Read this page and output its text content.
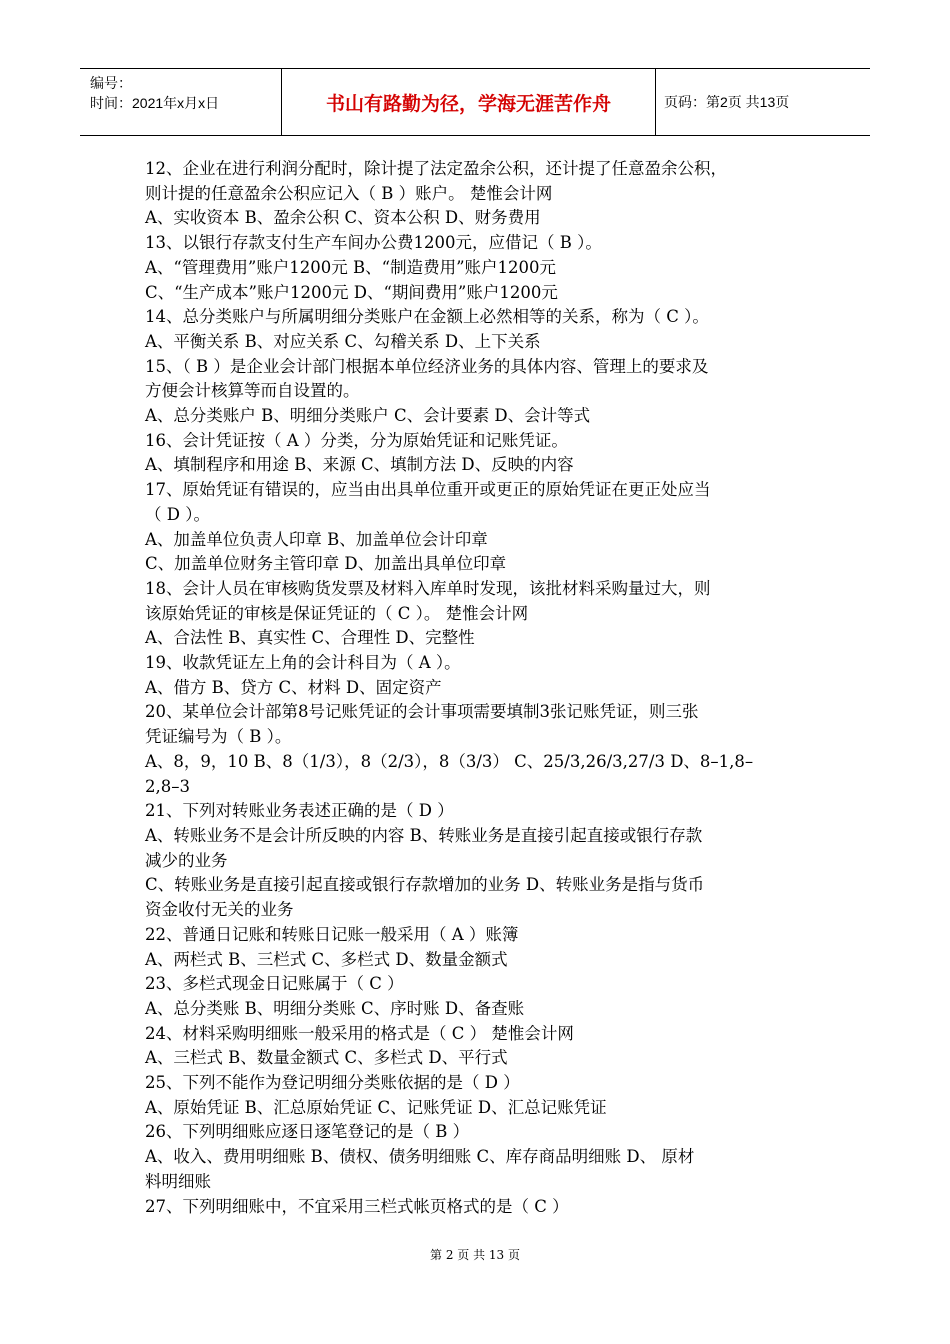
编号：
时间：2021年x月x日	书山有路勤为径，学海无涯苦作舟	页码：第2页 共13页
12、企业在进行利润分配时，除计提了法定盈余公积，还计提了任意盈余公积，
则计提的任意盈余公积应记入（ B ）账户。 楚惟会计网
A、实收资本 B、盈余公积 C、资本公积 D、财务费用
13、以银行存款支付生产车间办公费1200元，应借记（ B ）。
A、“管理费用”账户1200元 B、“制造费用”账户1200元
C、“生产成本”账户1200元 D、“期间费用”账户1200元
14、总分类账户与所属明细分类账户在金额上必然相等的关系，称为（ C ）。
A、平衡关系 B、对应关系 C、勾稽关系 D、上下关系
15、（ B ）是企业会计部门根据本单位经济业务的具体内容、管理上的要求及
方便会计核算等而自设置的。
A、总分类账户 B、明细分类账户 C、会计要素 D、会计等式
16、会计凭证按（ A ）分类，分为原始凭证和记账凭证。
A、填制程序和用途 B、来源 C、填制方法 D、反映的内容
17、原始凭证有错误的，应当由出具单位重开或更正的原始凭证在更正处应当
（ D ）。
A、加盖单位负责人印章 B、加盖单位会计印章
C、加盖单位财务主管印章 D、加盖出具单位印章
18、会计人员在审核购货发票及材料入库单时发现，该批材料采购量过大，则
该原始凭证的审核是保证凭证的（ C ）。 楚惟会计网
A、合法性 B、真实性 C、合理性 D、完整性
19、收款凭证左上角的会计科目为（ A ）。
A、借方 B、贷方 C、材料 D、固定资产
20、某单位会计部第8号记账凭证的会计事项需要填制3张记账凭证，则三张
凭证编号为（ B ）。
A、8，9，10 B、8（1/3），8（2/3），8（3/3） C、25/3,26/3,27/3 D、8–1,8–
2,8–3
21、下列对转账业务表述正确的是（ D ）
A、转账业务不是会计所反映的内容 B、转账业务是直接引起直接或银行存款
减少的业务
C、转账业务是直接引起直接或银行存款增加的业务 D、转账业务是指与货币
资金收付无关的业务
22、普通日记账和转账日记账一般采用（ A ）账簿
A、两栏式 B、三栏式 C、多栏式 D、数量金额式
23、多栏式现金日记账属于（ C ）
A、总分类账 B、明细分类账 C、序时账 D、备查账
24、材料采购明细账一般采用的格式是（ C ） 楚惟会计网
A、三栏式 B、数量金额式 C、多栏式 D、平行式
25、下列不能作为登记明细分类账依据的是（ D ）
A、原始凭证 B、汇总原始凭证 C、记账凭证 D、汇总记账凭证
26、下列明细账应逐日逐笔登记的是（ B ）
A、收入、费用明细账 B、债权、债务明细账 C、库存商品明细账 D、 原材
料明细账
27、下列明细账中，不宜采用三栏式帐页格式的是（ C ）
第 2 页 共 13 页
